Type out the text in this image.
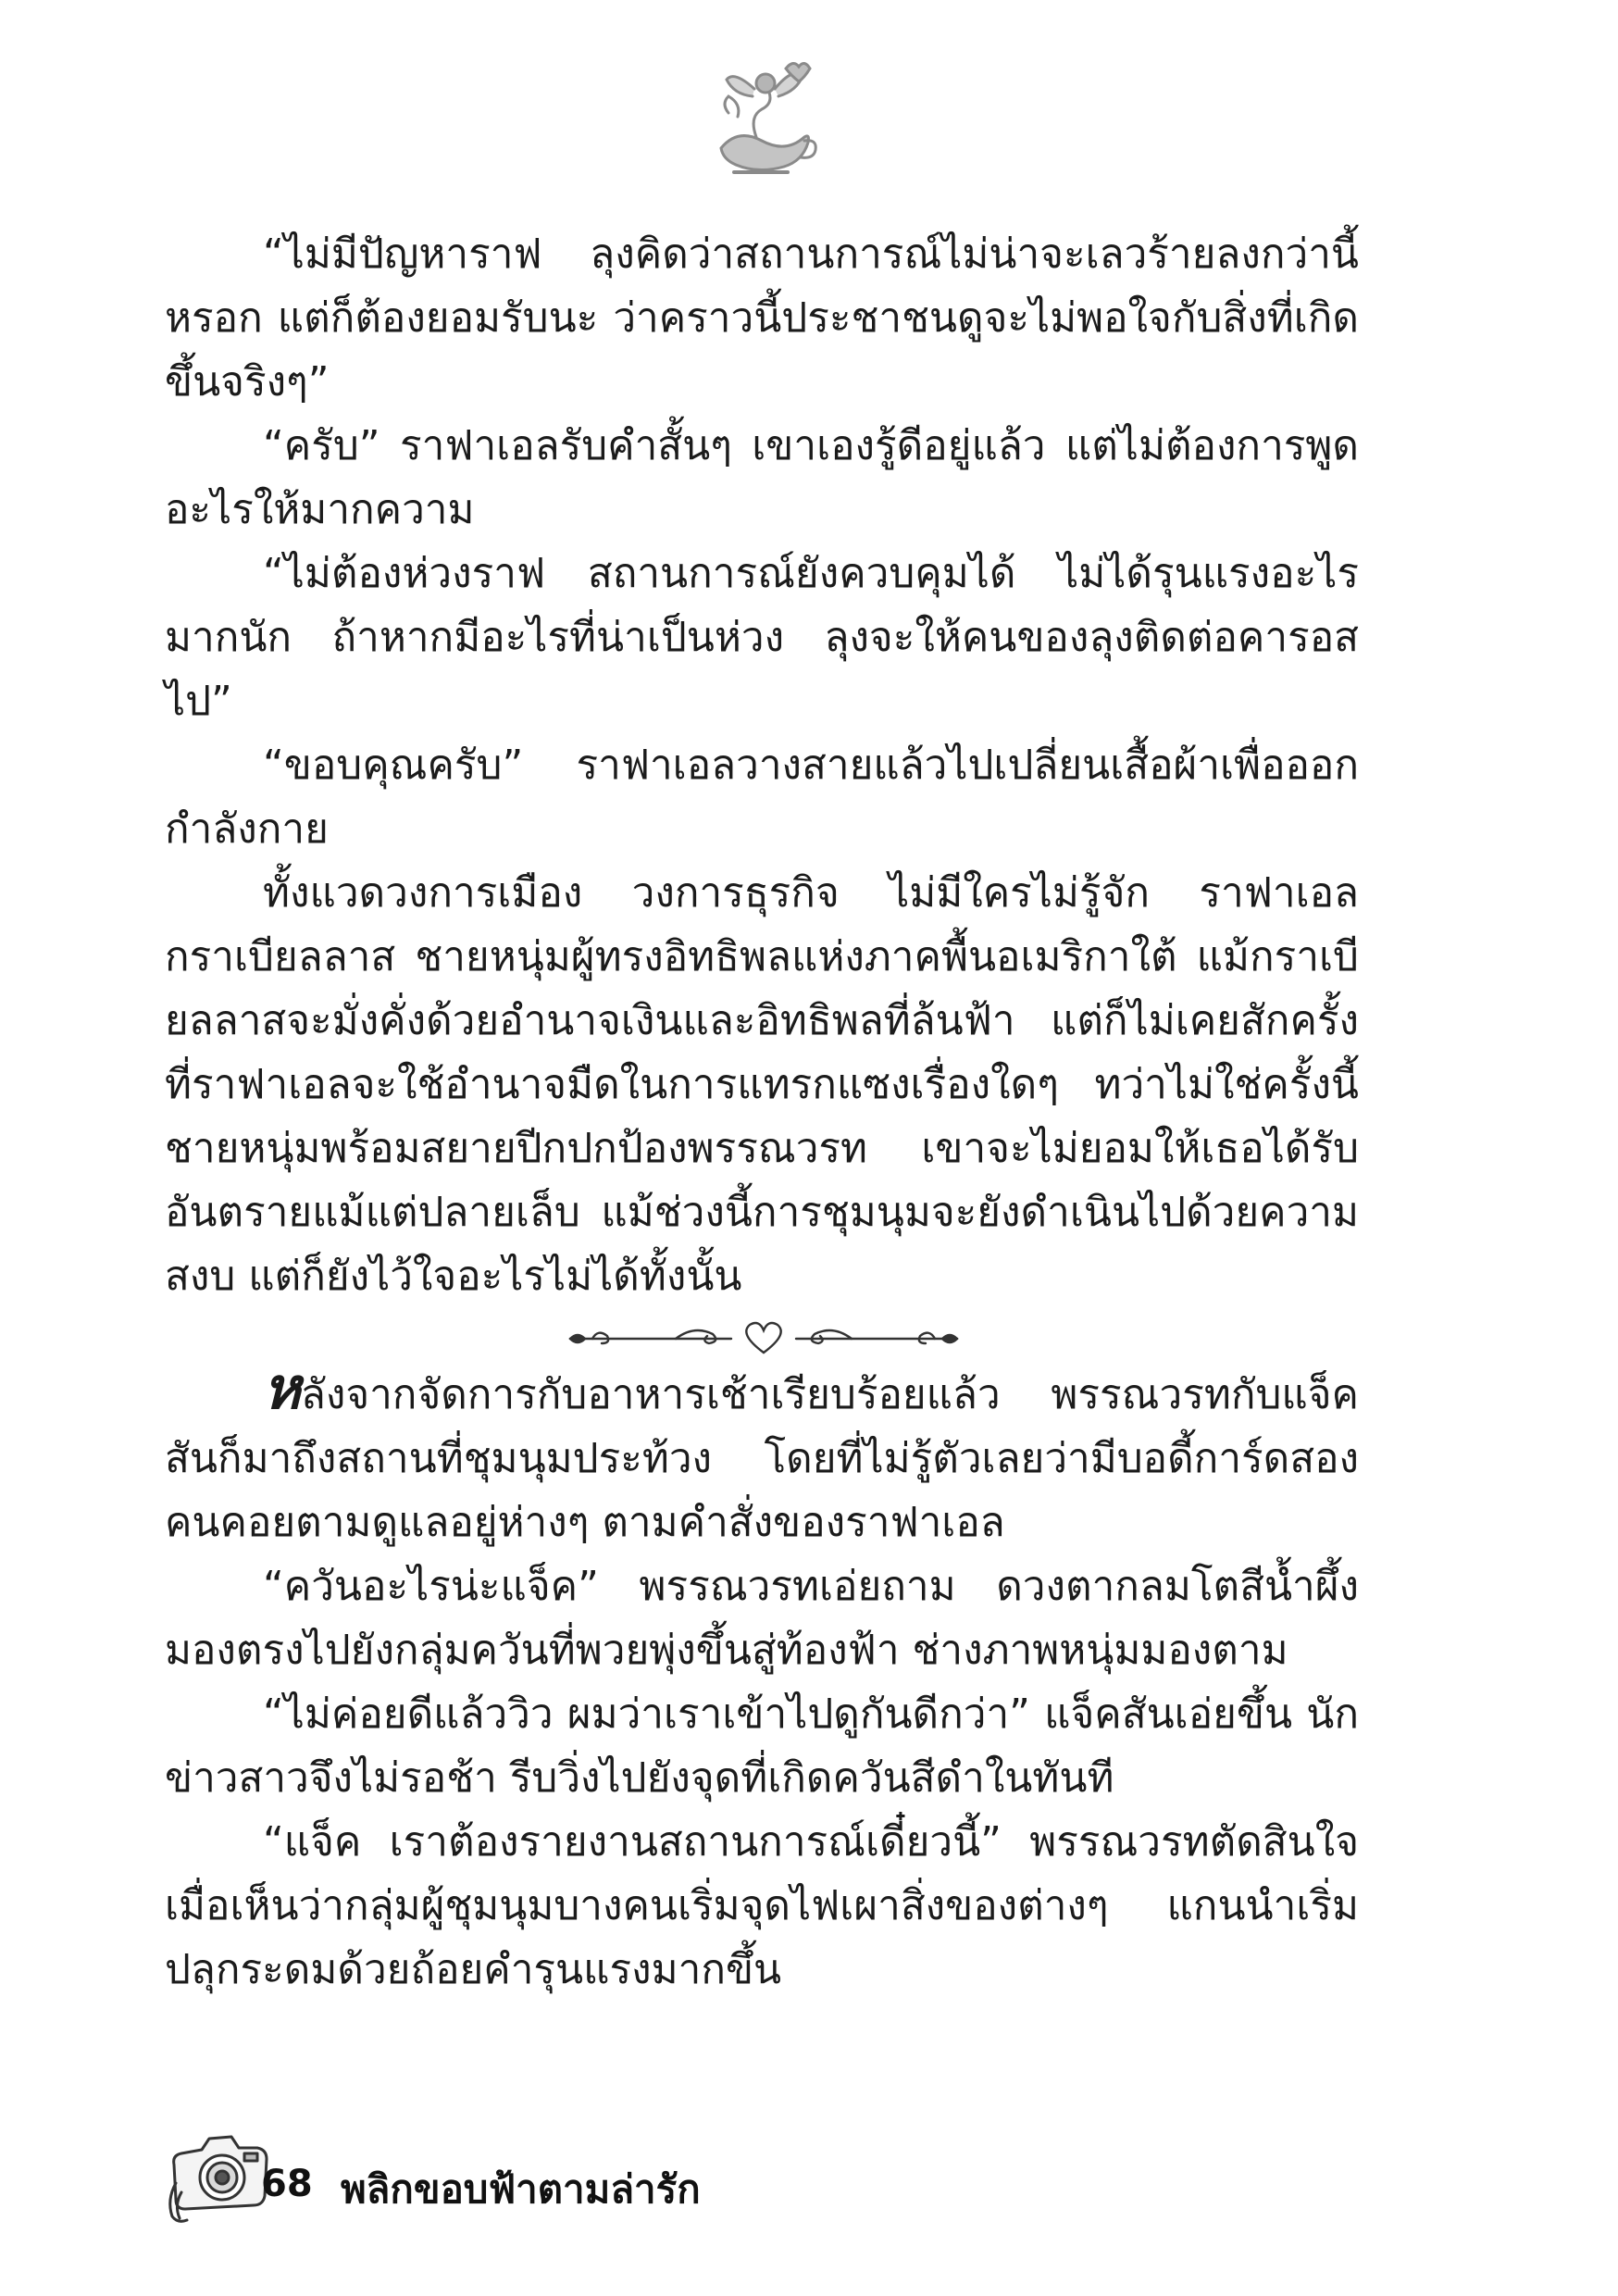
“ไม่มีปัญหาราฟ ลุงคิดว่าสถานการณ์ไม่น่าจะเลวร้ายลงกว่านี้หรอก แต่ก็ต้องยอมรับนะ ว่าคราวนี้ประชาชนดูจะไม่พอใจกับสิ่งที่เกิดขึ้นจริงๆ”

“ครับ” ราฟาเอลรับคำสั้นๆ เขาเองรู้ดีอยู่แล้ว แต่ไม่ต้องการพูดอะไรให้มากความ

“ไม่ต้องห่วงราฟ สถานการณ์ยังควบคุมได้ ไม่ได้รุนแรงอะไรมากนัก ถ้าหากมีอะไรที่น่าเป็นห่วง ลุงจะให้คนของลุงติดต่อคารอสไป”

“ขอบคุณครับ” ราฟาเอลวางสายแล้วไปเปลี่ยนเสื้อผ้าเพื่อออกกำลังกาย

ทั้งแวดวงการเมือง วงการธุรกิจ ไม่มีใครไม่รู้จัก ราฟาเอล กราเบียลลาส ชายหนุ่มผู้ทรงอิทธิพลแห่งภาคพื้นอเมริกาใต้ แม้กราเบียลลาสจะมั่งคั่งด้วยอำนาจเงินและอิทธิพลที่ล้นฟ้า แต่ก็ไม่เคยสักครั้งที่ราฟาเอลจะใช้อำนาจมืดในการแทรกแซงเรื่องใดๆ ทว่าไม่ใช่ครั้งนี้ ชายหนุ่มพร้อมสยายปีกปกป้องพรรณวรท เขาจะไม่ยอมให้เธอได้รับอันตรายแม้แต่ปลายเล็บ แม้ช่วงนี้การชุมนุมจะยังดำเนินไปด้วยความสงบ แต่ก็ยังไว้ใจอะไรไม่ได้ทั้งนั้น

หลังจากจัดการกับอาหารเช้าเรียบร้อยแล้ว พรรณวรทกับแจ็คสันก็มาถึงสถานที่ชุมนุมประท้วง โดยที่ไม่รู้ตัวเลยว่ามีบอดี้การ์ดสองคนคอยตามดูแลอยู่ห่างๆ ตามคำสั่งของราฟาเอล

“ควันอะไรน่ะแจ็ค” พรรณวรทเอ่ยถาม ดวงตากลมโตสีน้ำผึ้งมองตรงไปยังกลุ่มควันที่พวยพุ่งขึ้นสู่ท้องฟ้า ช่างภาพหนุ่มมองตาม

“ไม่ค่อยดีแล้ววิว ผมว่าเราเข้าไปดูกันดีกว่า” แจ็คสันเอ่ยขึ้น นักข่าวสาวจึงไม่รอช้า รีบวิ่งไปยังจุดที่เกิดควันสีดำในทันที

“แจ็ค เราต้องรายงานสถานการณ์เดี๋ยวนี้” พรรณวรทตัดสินใจ เมื่อเห็นว่ากลุ่มผู้ชุมนุมบางคนเริ่มจุดไฟเผาสิ่งของต่างๆ แกนนำเริ่มปลุกระดมด้วยถ้อยคำรุนแรงมากขึ้น

68 พลิกขอบฟ้าตามล่ารัก
